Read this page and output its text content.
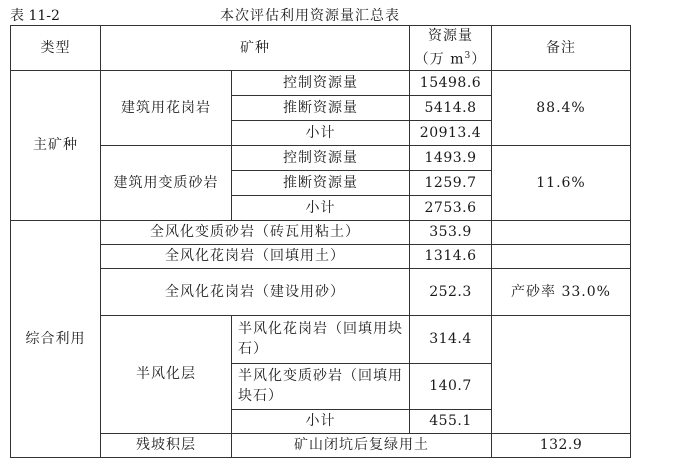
表 11-2	本次评估利用资源量汇总表
类型	矿种		资源量（万 $m^3$）	备注	
主矿种	建筑用花岗岩	控制资源量	15498.6	88.4%	
		推断资源量	5414.8		
		小计	20913.4		
	建筑用变质砂岩	控制资源量	1493.9	11.6%	
		推断资源量	1259.7		
		小计	2753.6		
综合利用	全风化变质砂岩（砖瓦用粘土）		353.9		
	全风化花岗岩（回填用土）		1314.6		
	全风化花岗岩（建设用砂）		252.3	产砂率 33.0%	
	半风化层	半风化花岗岩（回填用块石）	314.4		
		半风化变质砂岩（回填用块石）	140.7		
		小计	455.1		
	残坡积层	矿山闭坑后复绿用土		132.9	
